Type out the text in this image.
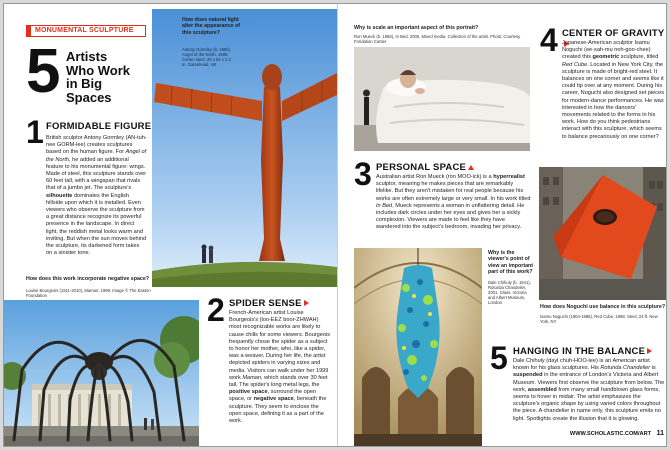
MONUMENTAL SCULPTURE
5 Artists
Who Work
in Big
Spaces
1 FORMIDABLE FIGURE
British sculptor Antony Gormley (AN-tuh-nee GORM-lee) creates sculptures based on the human figure. For Angel of the North, he added an additional feature to his monumental figure: wings. Made of steel, this sculpture stands over 60 feet tall, with a wingspan that rivals that of a jumbo jet. The sculpture's silhouette dominates the English hillside upon which it is installed. Even viewers who observe the sculpture from a great distance recognize its powerful presence in the landscape. In direct light, the reddish metal looks warm and inviting. But when the sun moves behind the sculpture, its darkened form takes on a sinister tone.
How does natural light alter the appearance of this sculpture?
Antony Gormley (b. 1950), Angel of the North, 1998. Corten steel, 20 x 54 x 2.2 m. Gateshead, UK
How does this work incorporate negative space?
Louise Bourgeois (1911-2010), Maman, 1999. Image © The Easton Foundation	2 SPIDER SENSE
French-American artist Louise Bourgeois's (loo-EEZ boor-ZHWAH) most recognizable works are likely to cause chills for some viewers. Bourgeois frequently chose the spider as a subject to honor her mother, who, like a spider, was a weaver. During her life, the artist depicted spiders in varying sizes and media. Visitors can walk under her 1999 work Maman, which stands over 30 feet tall. The spider's long metal legs, the positive space, surround the open space, or negative space, beneath the sculpture. They seem to enclose the open space, defining it as a part of the work.
Why is scale an important aspect of this portrait?
Ron Mueck (b. 1958), In Bed, 2005. Mixed media. Collection of the artist. Photo: Courtesy Fondation Cartier
3 PERSONAL SPACE
Australian artist Ron Mueck (ron MOO-ick) is a hyperrealist sculptor, meaning he makes pieces that are remarkably lifelike. But they aren't mistaken for real people because his works are often extremely large or very small. In his work titled In Bed, Mueck represents a woman in unflattering detail. He includes dark circles under her eyes and gives her a sickly complexion. Viewers are made to feel like they have wandered into the subject's bedroom, invading her privacy.
Why is the viewer's point of view an important part of this work?
Dale Chihuly (b. 1941), Rotunda Chandelier, 2001. Glass. Victoria and Albert Museum, London
4 CENTER OF GRAVITY
Japanese-American sculptor Isamu Noguchi (ee-sah-mu noh-goo-chee) created this geometric sculpture, titled Red Cube. Located in New York City, the sculpture is made of bright-red steel. It balances on one corner and seems like it could tip over at any moment. During his career, Noguchi also designed set pieces for modern-dance performances. He was interested in how the dancers' movements related to the forms in his work. How do you think pedestrians interact with this sculpture, which seems to balance precariously on one corner?
How does Noguchi use balance in this sculpture?
Isamu Noguchi (1904-1988), Red Cube, 1968. Steel, 24 ft. New York, NY
5 HANGING IN THE BALANCE
Dale Chihuly (dayl chuh-HOO-lee) is an American artist known for his glass sculptures. His Rotunda Chandelier is suspended in the entrance of London's Victoria and Albert Museum. Viewers first observe the sculpture from below. The work, assembled from many small handblown glass forms, seems to hover in midair. The artist emphasizes the sculpture's organic shape by using varied colors throughout the piece. A chandelier in name only, this sculpture emits no light. Spotlights create the illusion that it is glowing.
WWW.SCHOLASTIC.COM/ART 11
